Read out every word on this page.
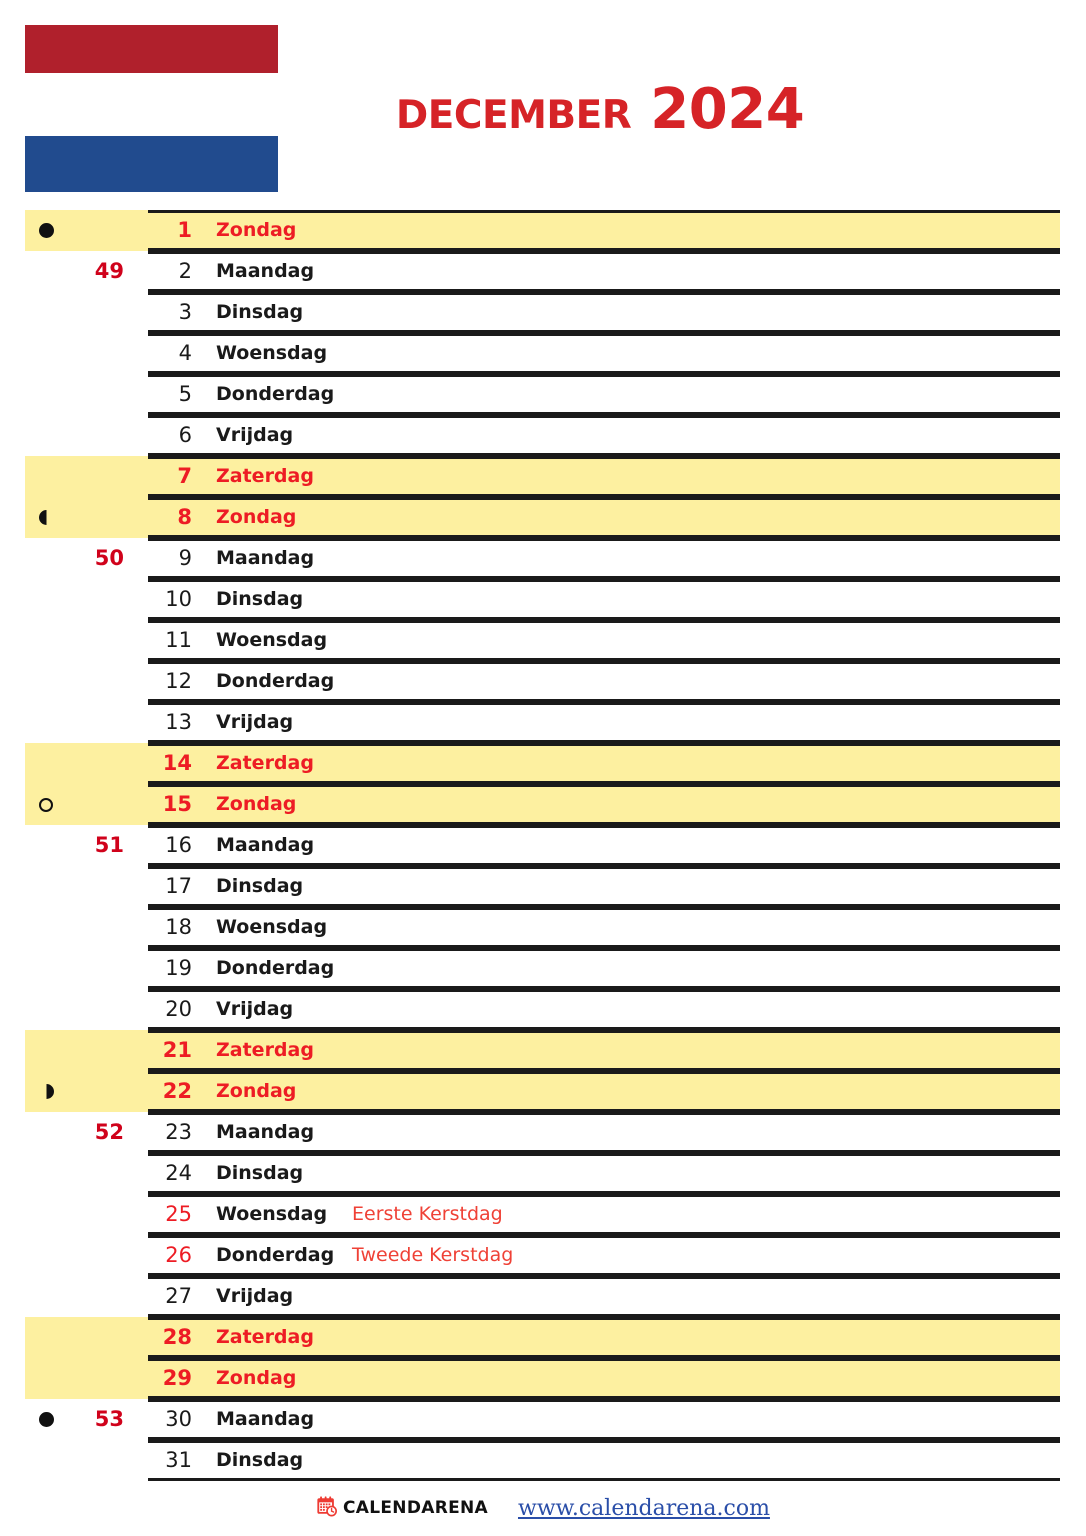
december 2024
1 Zondag
49	2 Maandag
3 Dinsdag
4 Woensdag
5 Donderdag
6 Vrijdag
7 Zaterdag
8 Zondag
50	9 Maandag
10 Dinsdag
11 Woensdag
12 Donderdag
13 Vrijdag
14 Zaterdag
15 Zondag
51	16 Maandag
17 Dinsdag
18 Woensdag
19 Donderdag
20 Vrijdag
21 Zaterdag
22 Zondag
52	23 Maandag
24 Dinsdag
25 Woensdag	Eerste Kerstdag
26 Donderdag Tweede Kerstdag
27 Vrijdag
28 Zaterdag
29 Zondag
53	30 Maandag
31 Dinsdag
CALENDARENA www.calendarena.com
